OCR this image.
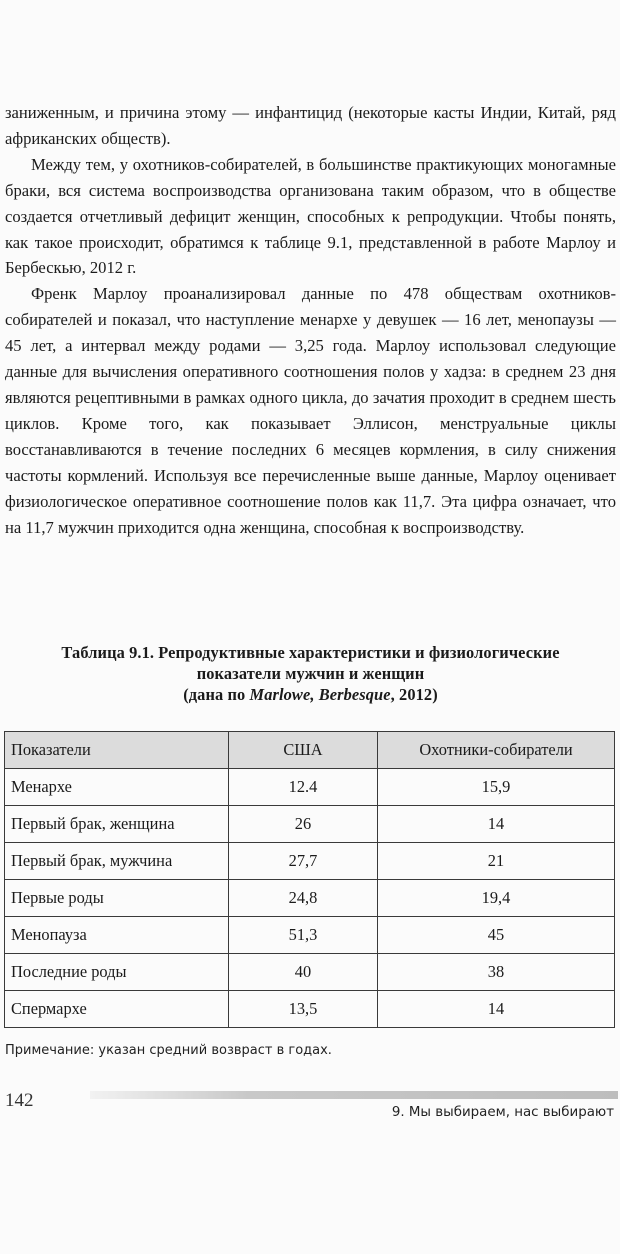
заниженным, и причина этому — инфантицид (некоторые касты Индии, Китай, ряд африканских обществ).

Между тем, у охотников-собирателей, в большинстве практикующих моногамные браки, вся система воспроизводства организована таким образом, что в обществе создается отчетливый дефицит женщин, способных к репродукции. Чтобы понять, как такое происходит, обратимся к таблице 9.1, представленной в работе Марлоу и Бербескью, 2012 г.

Френк Марлоу проанализировал данные по 478 обществам охотников-собирателей и показал, что наступление менархе у девушек — 16 лет, менопаузы — 45 лет, а интервал между родами — 3,25 года. Марлоу использовал следующие данные для вычисления оперативного соотношения полов у хадза: в среднем 23 дня являются рецептивными в рамках одного цикла, до зачатия проходит в среднем шесть циклов. Кроме того, как показывает Эллисон, менструальные циклы восстанавливаются в течение последних 6 месяцев кормления, в силу снижения частоты кормлений. Используя все перечисленные выше данные, Марлоу оценивает физиологическое оперативное соотношение полов как 11,7. Эта цифра означает, что на 11,7 мужчин приходится одна женщина, способная к воспроизводству.

Таблица 9.1. Репродуктивные характеристики и физиологические
показатели мужчин и женщин
(дана по Marlowe, Berbesque, 2012)
Показатели	США	Охотники-собиратели
Менархе	12.4	15,9
Первый брак, женщина	26	14
Первый брак, мужчина	27,7	21
Первые роды	24,8	19,4
Менопауза	51,3	45
Последние роды	40	38
Спермархе	13,5	14
Примечание: указан средний возвраст в годах.
142
9. Мы выбираем, нас выбирают
